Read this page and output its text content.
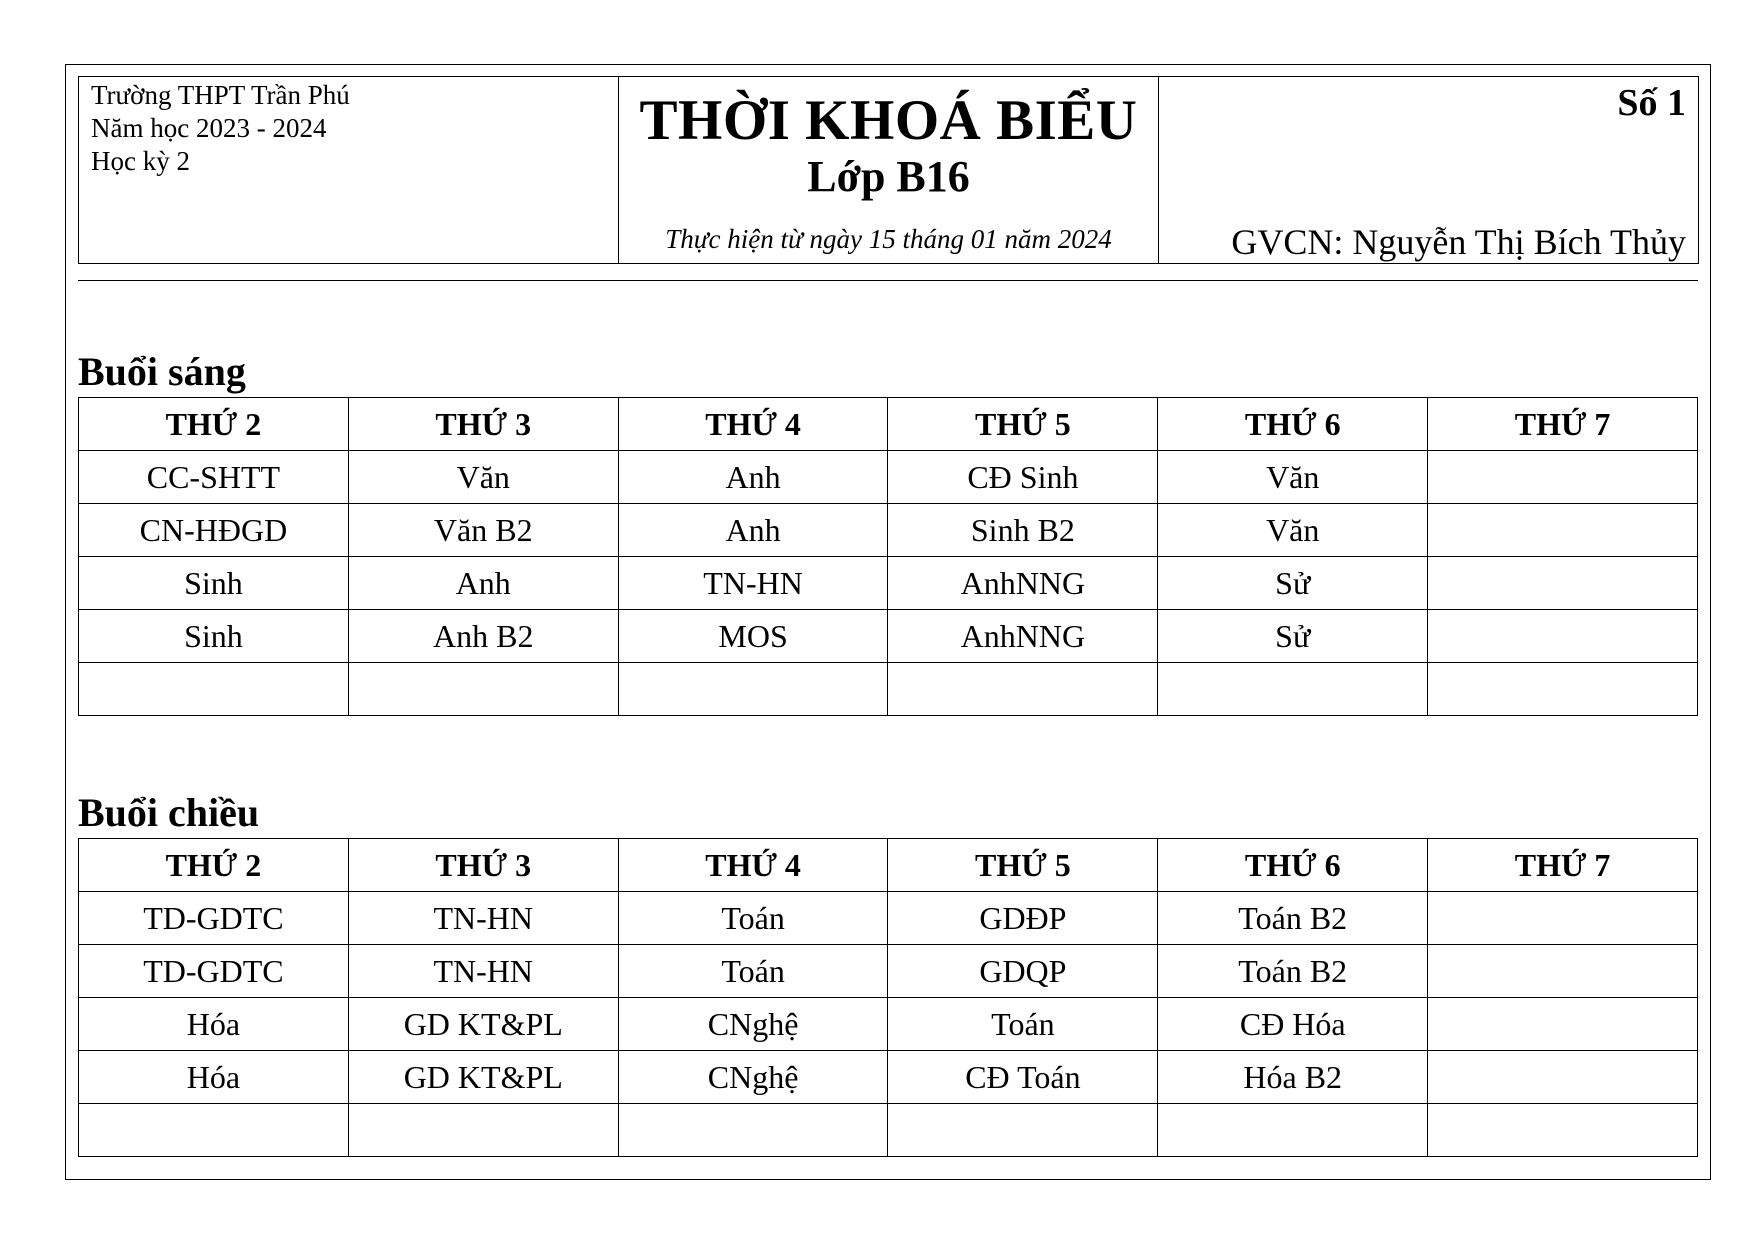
Trường THPT Trần Phú
Năm học 2023 - 2024
Học kỳ 2

THỜI KHOÁ BIỂU
Lớp B16
Thực hiện từ ngày 15 tháng 01 năm 2024

Số 1
GVCN: Nguyễn Thị Bích Thủy
Buổi sáng
THỨ 2	THỨ 3	THỨ 4	THỨ 5	THỨ 6	THỨ 7
CC-SHTT	Văn	Anh	CĐ Sinh	Văn	
CN-HĐGD	Văn B2	Anh	Sinh B2	Văn	
Sinh	Anh	TN-HN	AnhNNG	Sử	
Sinh	Anh B2	MOS	AnhNNG	Sử	

Buổi chiều
THỨ 2	THỨ 3	THỨ 4	THỨ 5	THỨ 6	THỨ 7
TD-GDTC	TN-HN	Toán	GDĐP	Toán B2	
TD-GDTC	TN-HN	Toán	GDQP	Toán B2	
Hóa	GD KT&PL	CNghệ	Toán	CĐ Hóa	
Hóa	GD KT&PL	CNghệ	CĐ Toán	Hóa B2	
